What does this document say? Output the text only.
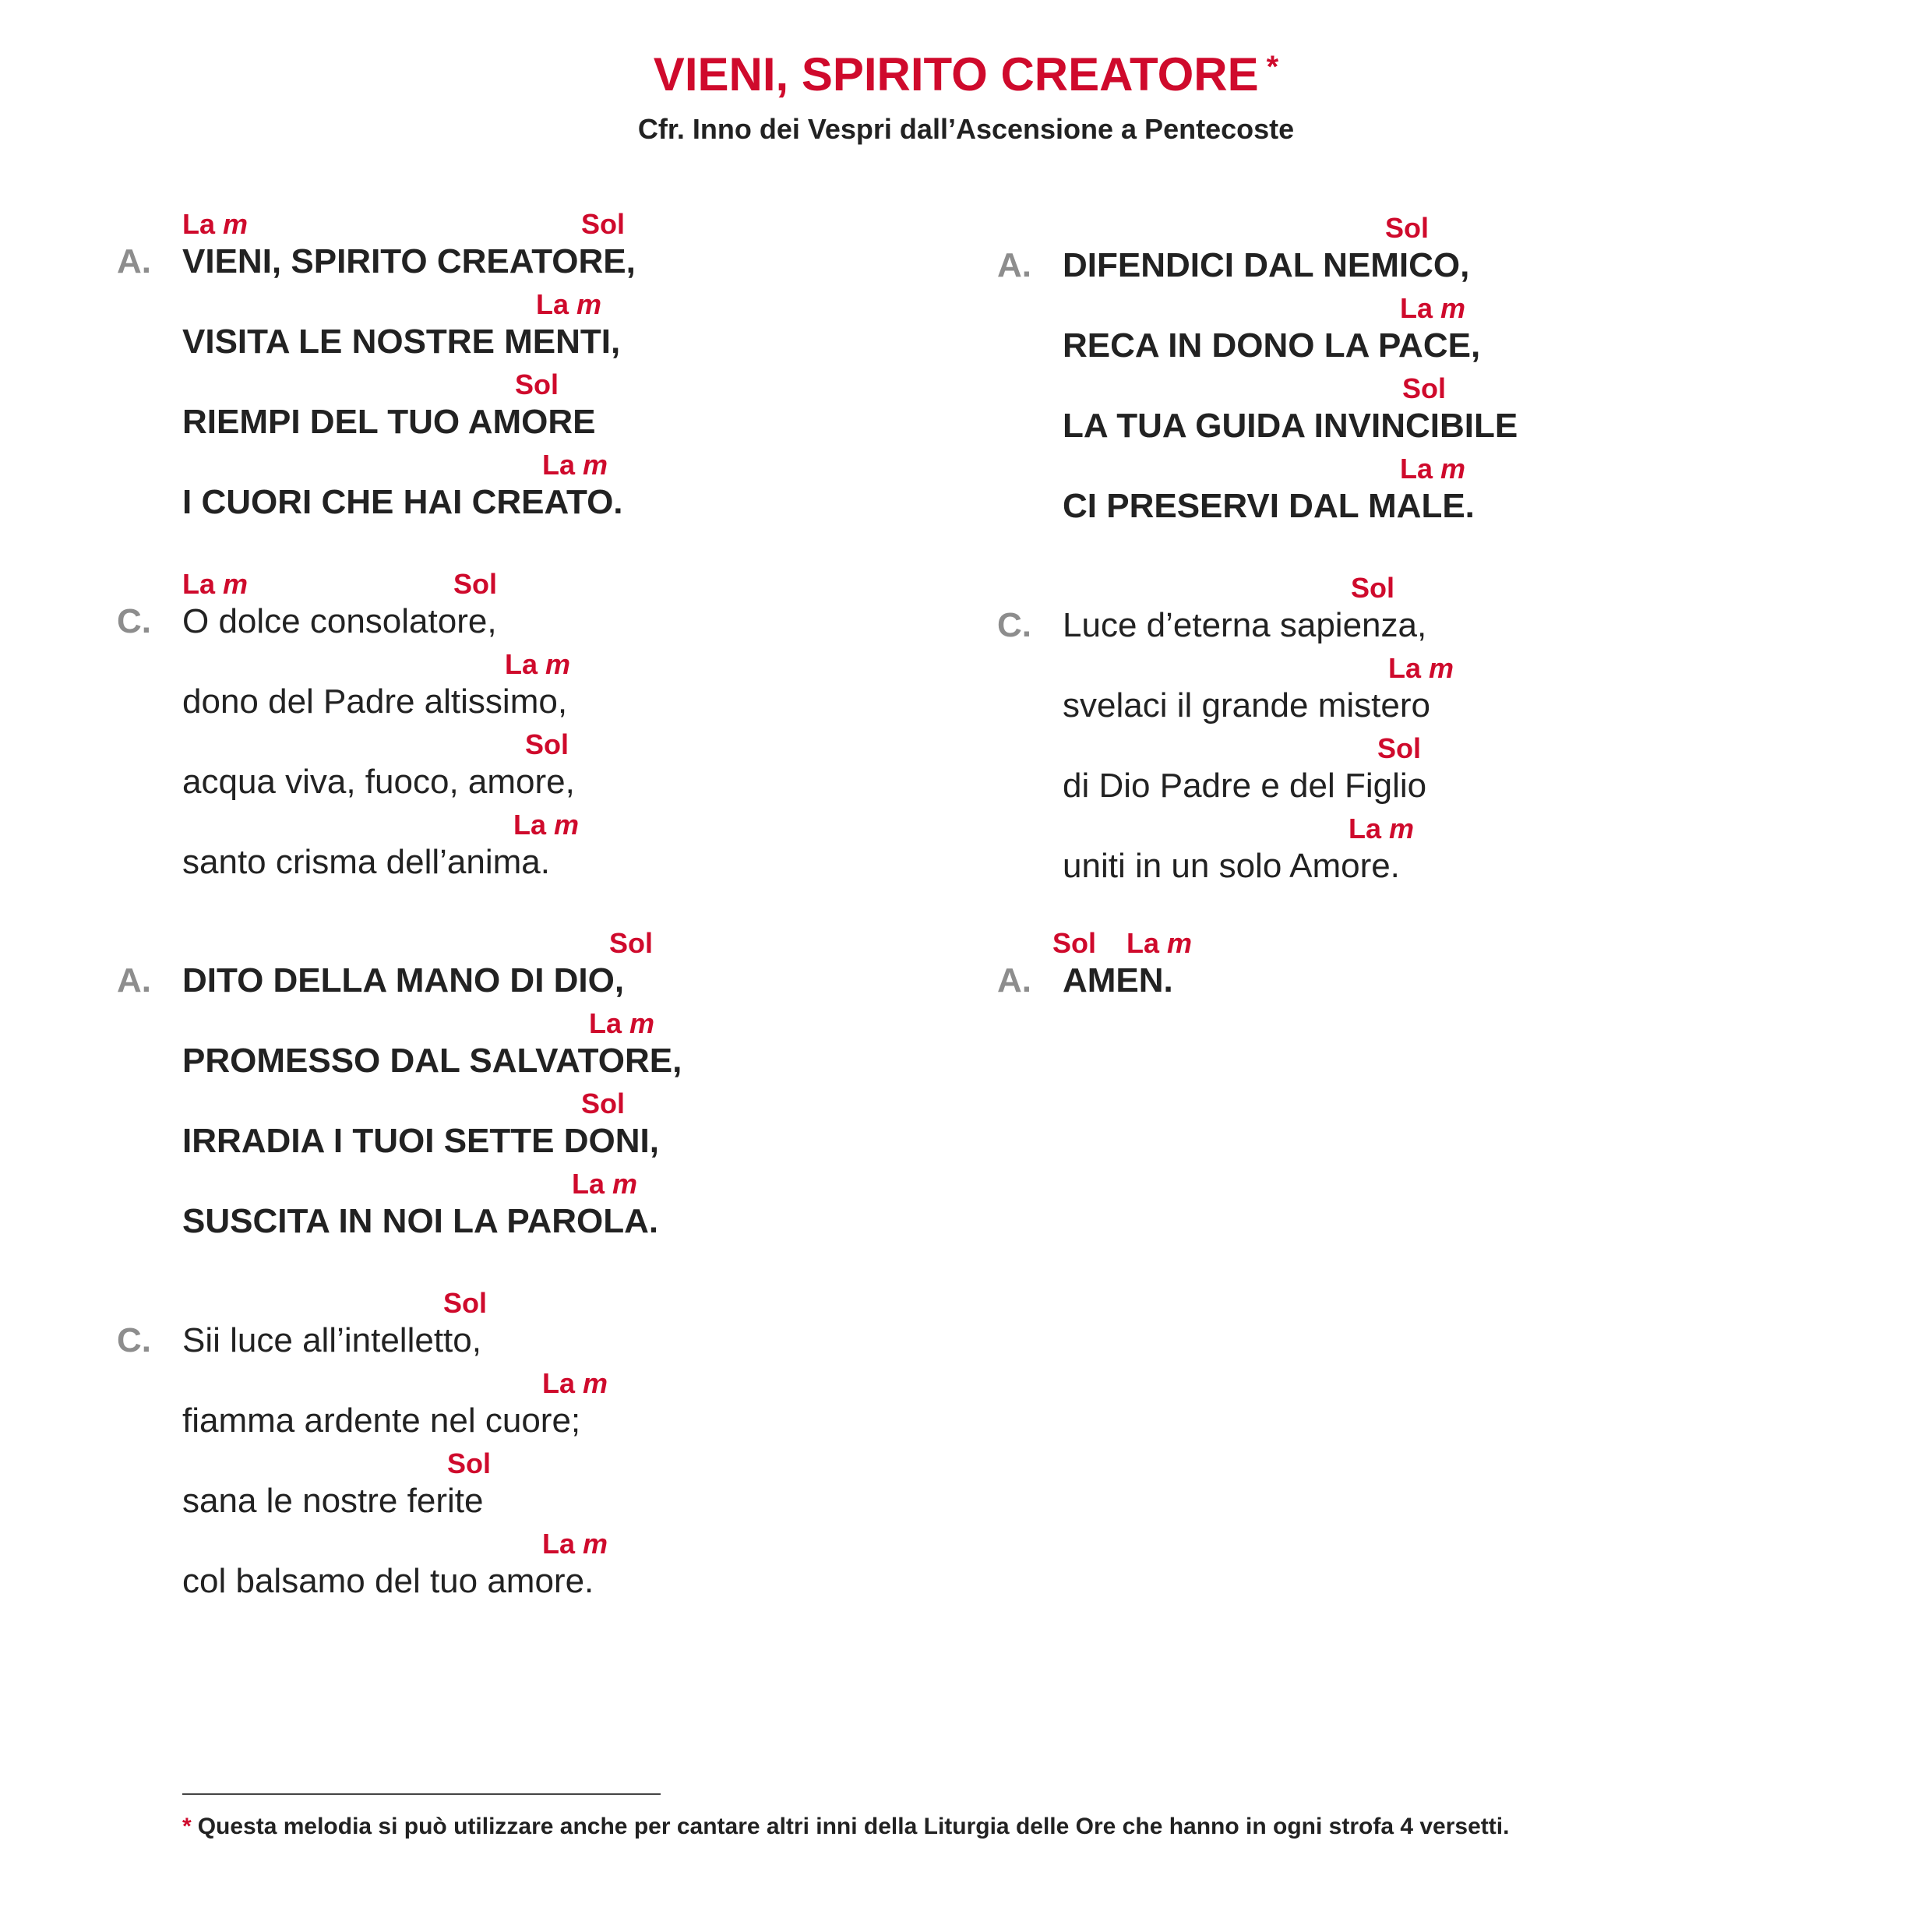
VIENI, SPIRITO CREATORE *
Cfr. Inno dei Vespri dall’Ascensione a Pentecoste
A.
La m	Sol
VIENI, SPIRITO CREATORE,
La m
VISITA LE NOSTRE MENTI,
Sol
RIEMPI DEL TUO AMORE
La m
I CUORI CHE HAI CREATO.
C.
La m	Sol
O dolce consolatore,
La m
dono del Padre altissimo,
Sol
acqua viva, fuoco, amore,
La m
santo crisma dell’anima.
A.
Sol
DITO DELLA MANO DI DIO,
La m
PROMESSO DAL SALVATORE,
Sol
IRRADIA I TUOI SETTE DONI,
La m
SUSCITA IN NOI LA PAROLA.
C.
Sol
Sii luce all’intelletto,
La m
fiamma ardente nel cuore;
Sol
sana le nostre ferite
La m
col balsamo del tuo amore.
A.
Sol
DIFENDICI DAL NEMICO,
La m
RECA IN DONO LA PACE,
Sol
LA TUA GUIDA INVINCIBILE
La m
CI PRESERVI DAL MALE.
C.
Sol
Luce d’eterna sapienza,
La m
svelaci il grande mistero
Sol
di Dio Padre e del Figlio
La m
uniti in un solo Amore.
A.
Sol La m
AMEN.
* Questa melodia si può utilizzare anche per cantare altri inni della Liturgia delle Ore che hanno in ogni strofa 4 versetti.
